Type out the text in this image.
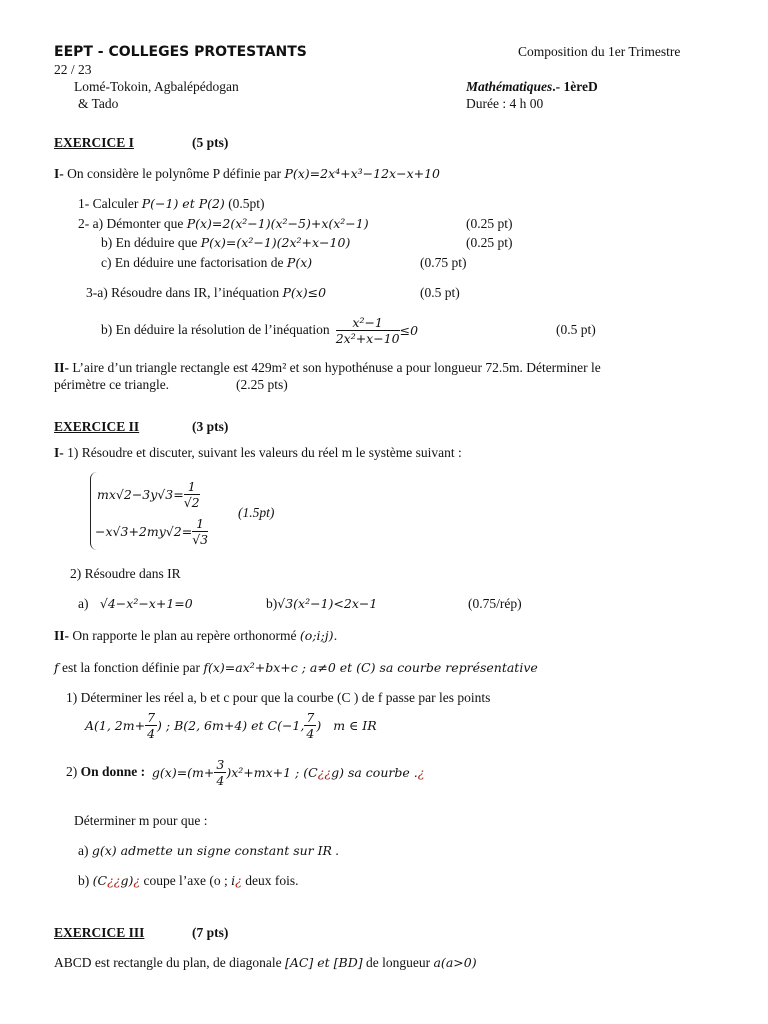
EEPT - COLLEGES PROTESTANTS
22 / 23
Lomé-Tokoin, Agbalépédogan
& Tado
Composition du 1er Trimestre
Mathématiques.- 1èreD
Durée : 4 h 00
EXERCICE I	(5 pts)
I- On considère le polynôme P définie par P(x)=2x⁴+x³−12x−x+10
1- Calculer P(−1) et P(2) (0.5pt)
2- a) Démonter que P(x)=2(x²−1)(x²−5)+x(x²−1)	(0.25 pt)
b) En déduire que P(x)=(x²−1)(2x²+x−10)	(0.25 pt)
c) En déduire une factorisation de P(x)	(0.75 pt)
3-a) Résoudre dans IR, l’inéquation P(x)≤0	(0.5 pt)
b) En déduire la résolution de l’inéquation $\frac{\text{x²−1}}{\text{2x²+x−10}} \le 0$	(0.5 pt)
II- L’aire d’un triangle rectangle est 429m² et son hypothénuse a pour longueur 72.5m. Déterminer le
périmètre ce triangle.	(2.25 pts)
EXERCICE II	(3 pts)
I- 1) Résoudre et discuter, suivant les valeurs du réel m le système suivant :
$mx√2-3y√3= \frac{1}{√2}$
$-x√3+2my√2= \frac{1}{√3}$
(1.5pt)
2) Résoudre dans IR
a) √4−x²−x+1=0	b)√3(x²−1)<2x−1	(0.75/rép)
II- On rapporte le plan au repère orthonormé (o;i;j).
f est la fonction définie par f(x)=ax²+bx+c ; a≠0 et (C) sa courbe représentative
1) Déterminer les réel a, b et c pour que la courbe (C ) de f passe par les points
A(1, $2m+ \frac{7}{4}$ ) ; B(2, 6m+4) et C(−1, $\frac{7}{4}$ ) m ∈ IR
2)
On donne :
$g(x)=(m+ \frac{3}{4} )x^2+mx+1$ ; (C ¿¿ g) sa courbe . ¿
Déterminer m pour que :
a) g(x) admette un signe constant sur IR .
b) (C¿¿g)¿ coupe l’axe (o ; i¿ deux fois.
EXERCICE III	(7 pts)
ABCD est rectangle du plan, de diagonale [AC] et [BD] de longueur a(a>0)
